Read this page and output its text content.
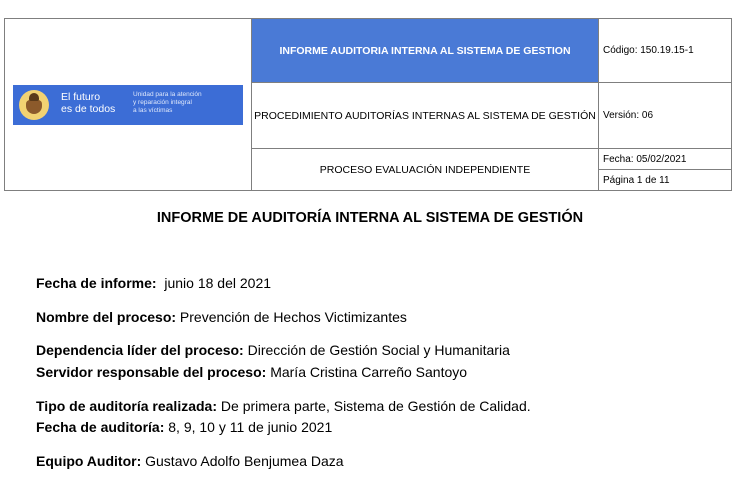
El futuro
es de todos
Unidad para la atención
y reparación integral
a las víctimas	INFORME AUDITORIA INTERNA AL SISTEMA DE GESTION	Código: 150.19.15-1
	PROCEDIMIENTO AUDITORÍAS INTERNAS AL SISTEMA DE GESTIÓN	Versión: 06
	PROCESO EVALUACIÓN INDEPENDIENTE	Fecha: 05/02/2021
		Página 1 de 11
INFORME DE AUDITORÍA INTERNA AL SISTEMA DE GESTIÓN
Fecha de informe: junio 18 del 2021
Nombre del proceso: Prevención de Hechos Victimizantes
Dependencia líder del proceso: Dirección de Gestión Social y Humanitaria
Servidor responsable del proceso: María Cristina Carreño Santoyo
Tipo de auditoría realizada: De primera parte, Sistema de Gestión de Calidad.
Fecha de auditoría: 8, 9, 10 y 11 de junio 2021
Equipo Auditor: Gustavo Adolfo Benjumea Daza
